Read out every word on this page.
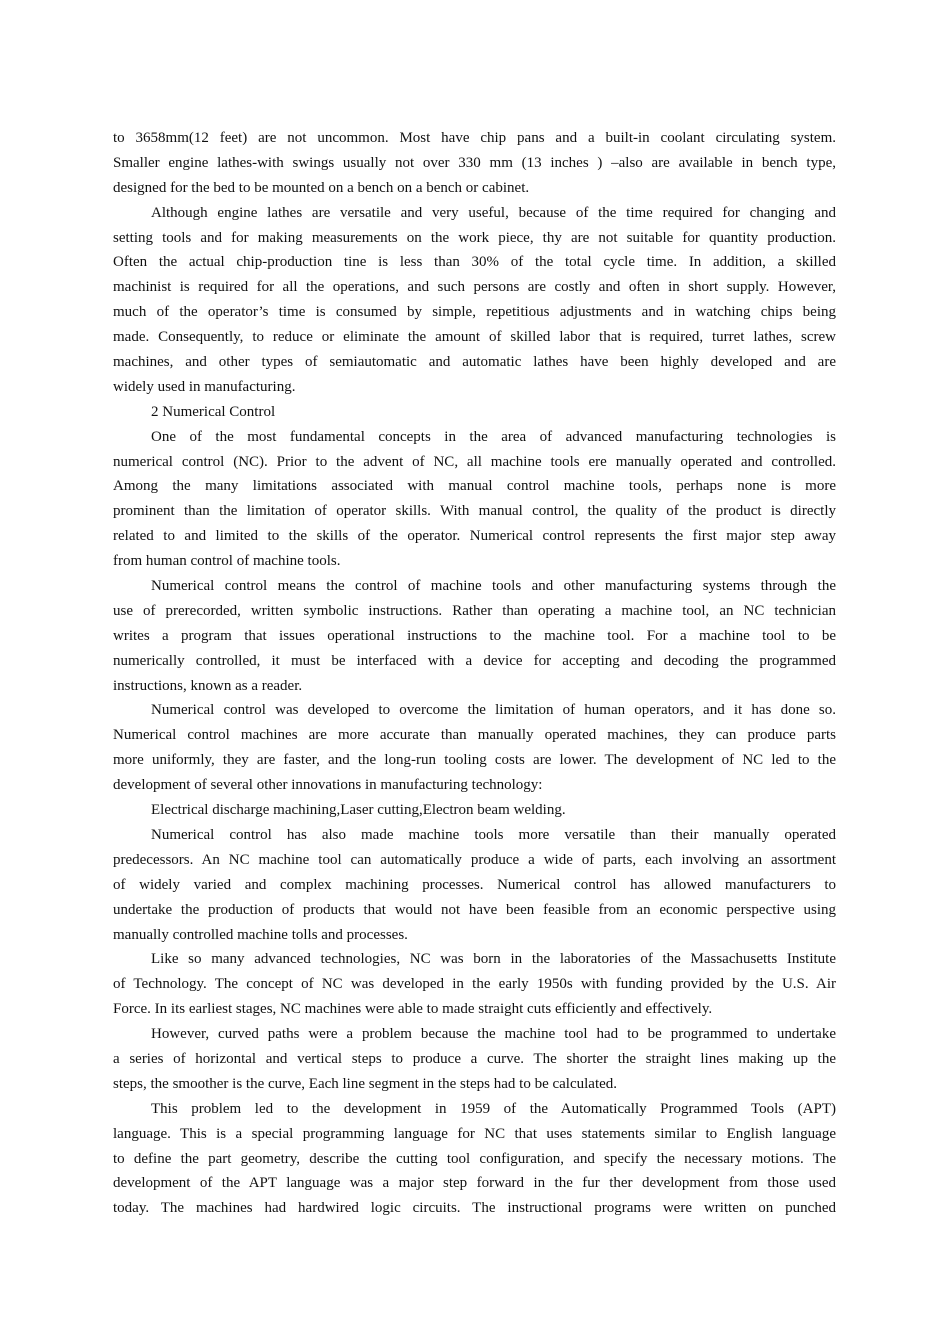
to 3658mm(12 feet) are not uncommon. Most have chip pans and a built-in coolant circulating system.
Smaller engine lathes-with swings usually not over 330 mm (13 inches ) –also are available in bench type,
designed for the bed to be mounted on a bench on a bench or cabinet.
Although engine lathes are versatile and very useful, because of the time required for changing and
setting tools and for making measurements on the work piece, thy are not suitable for quantity production.
Often the actual chip-production tine is less than 30% of the total cycle time. In addition, a skilled
machinist is required for all the operations, and such persons are costly and often in short supply. However,
much of the operator’s time is consumed by simple, repetitious adjustments and in watching chips being
made. Consequently, to reduce or eliminate the amount of skilled labor that is required, turret lathes, screw
machines, and other types of semiautomatic and automatic lathes have been highly developed and are
widely used in manufacturing.
2 Numerical Control
One of the most fundamental concepts in the area of advanced manufacturing technologies is
numerical control (NC). Prior to the advent of NC, all machine tools ere manually operated and controlled.
Among the many limitations associated with manual control machine tools, perhaps none is more
prominent than the limitation of operator skills. With manual control, the quality of the product is directly
related to and limited to the skills of the operator. Numerical control represents the first major step away
from human control of machine tools.
Numerical control means the control of machine tools and other manufacturing systems through the
use of prerecorded, written symbolic instructions. Rather than operating a machine tool, an NC technician
writes a program that issues operational instructions to the machine tool. For a machine tool to be
numerically controlled, it must be interfaced with a device for accepting and decoding the programmed
instructions, known as a reader.
Numerical control was developed to overcome the limitation of human operators, and it has done so.
Numerical control machines are more accurate than manually operated machines, they can produce parts
more uniformly, they are faster, and the long-run tooling costs are lower. The development of NC led to the
development of several other innovations in manufacturing technology:
Electrical discharge machining,Laser cutting,Electron beam welding.
Numerical control has also made machine tools more versatile than their manually operated
predecessors. An NC machine tool can automatically produce a wide of parts, each involving an assortment
of widely varied and complex machining processes. Numerical control has allowed manufacturers to
undertake the production of products that would not have been feasible from an economic perspective using
manually controlled machine tolls and processes.
Like so many advanced technologies, NC was born in the laboratories of the Massachusetts Institute
of Technology. The concept of NC was developed in the early 1950s with funding provided by the U.S. Air
Force. In its earliest stages, NC machines were able to made straight cuts efficiently and effectively.
However, curved paths were a problem because the machine tool had to be programmed to undertake
a series of horizontal and vertical steps to produce a curve. The shorter the straight lines making up the
steps, the smoother is the curve, Each line segment in the steps had to be calculated.
This problem led to the development in 1959 of the Automatically Programmed Tools (APT)
language. This is a special programming language for NC that uses statements similar to English language
to define the part geometry, describe the cutting tool configuration, and specify the necessary motions. The
development of the APT language was a major step forward in the fur ther development from those used
today. The machines had hardwired logic circuits. The instructional programs were written on punched
